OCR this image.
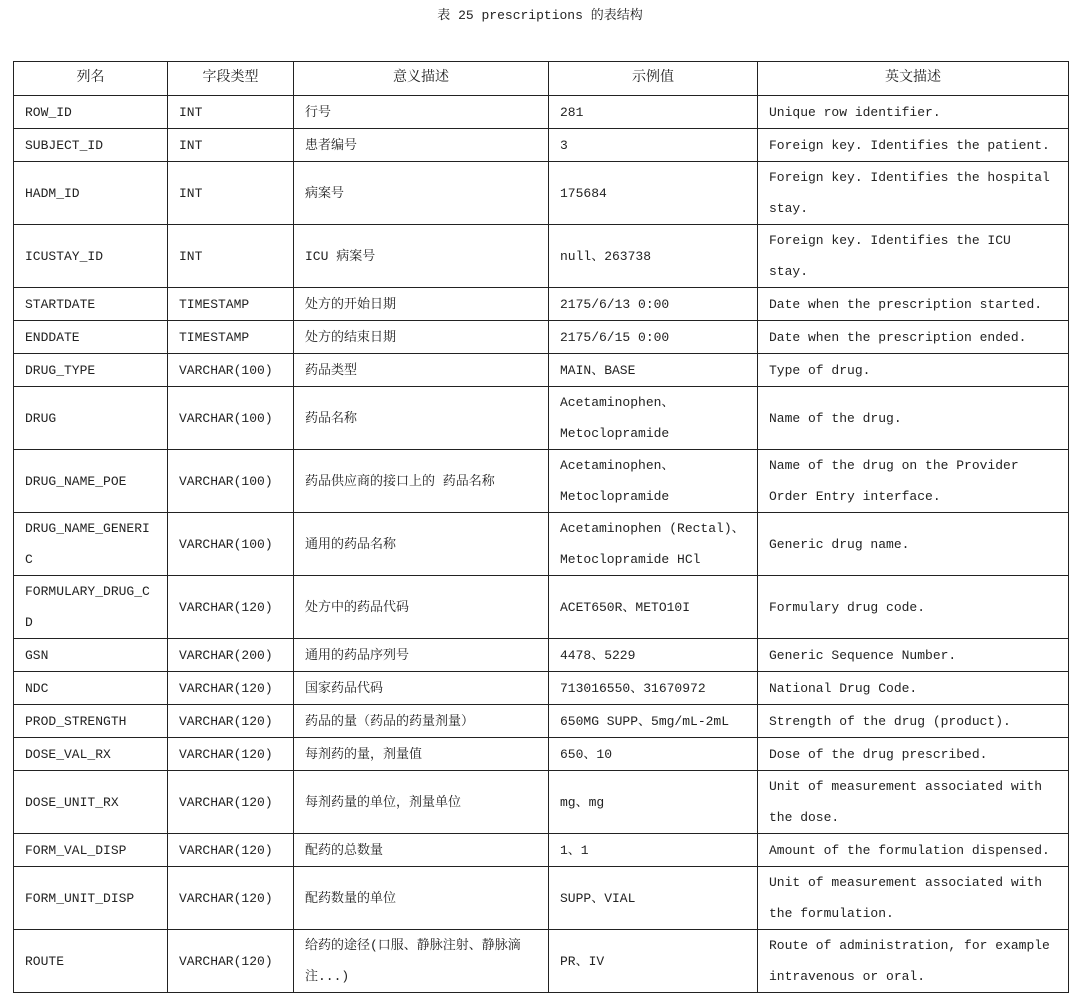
表 25 prescriptions 的表结构
列名	字段类型	意义描述	示例值	英文描述
ROW_ID	INT	行号	281	Unique row identifier.
SUBJECT_ID	INT	患者编号	3	Foreign key. Identifies the patient.
HADM_ID	INT	病案号	175684	Foreign key. Identifies the hospital stay.
ICUSTAY_ID	INT	ICU 病案号	null、263738	Foreign key. Identifies the ICU stay.
STARTDATE	TIMESTAMP	处方的开始日期	2175/6/13 0:00	Date when the prescription started.
ENDDATE	TIMESTAMP	处方的结束日期	2175/6/15 0:00	Date when the prescription ended.
DRUG_TYPE	VARCHAR(100)	药品类型	MAIN、BASE	Type of drug.
DRUG	VARCHAR(100)	药品名称	Acetaminophen、 Metoclopramide	Name of the drug.
DRUG_NAME_POE	VARCHAR(100)	药品供应商的接口上的 药品名称	Acetaminophen、 Metoclopramide	Name of the drug on the Provider Order Entry interface.
DRUG_NAME_GENERIC	VARCHAR(100)	通用的药品名称	Acetaminophen (Rectal)、 Metoclopramide HCl	Generic drug name.
FORMULARY_DRUG_CD	VARCHAR(120)	处方中的药品代码	ACET650R、METO10I	Formulary drug code.
GSN	VARCHAR(200)	通用的药品序列号	4478、5229	Generic Sequence Number.
NDC	VARCHAR(120)	国家药品代码	713016550、31670972	National Drug Code.
PROD_STRENGTH	VARCHAR(120)	药品的量（药品的药量剂量）	650MG SUPP、5mg/mL-2mL	Strength of the drug (product).
DOSE_VAL_RX	VARCHAR(120)	每剂药的量，剂量值	650、10	Dose of the drug prescribed.
DOSE_UNIT_RX	VARCHAR(120)	每剂药量的单位，剂量单位	mg、mg	Unit of measurement associated with the dose.
FORM_VAL_DISP	VARCHAR(120)	配药的总数量	1、1	Amount of the formulation dispensed.
FORM_UNIT_DISP	VARCHAR(120)	配药数量的单位	SUPP、VIAL	Unit of measurement associated with the formulation.
ROUTE	VARCHAR(120)	给药的途径(口服、静脉注射、静脉滴注...)	PR、IV	Route of administration, for example intravenous or oral.
